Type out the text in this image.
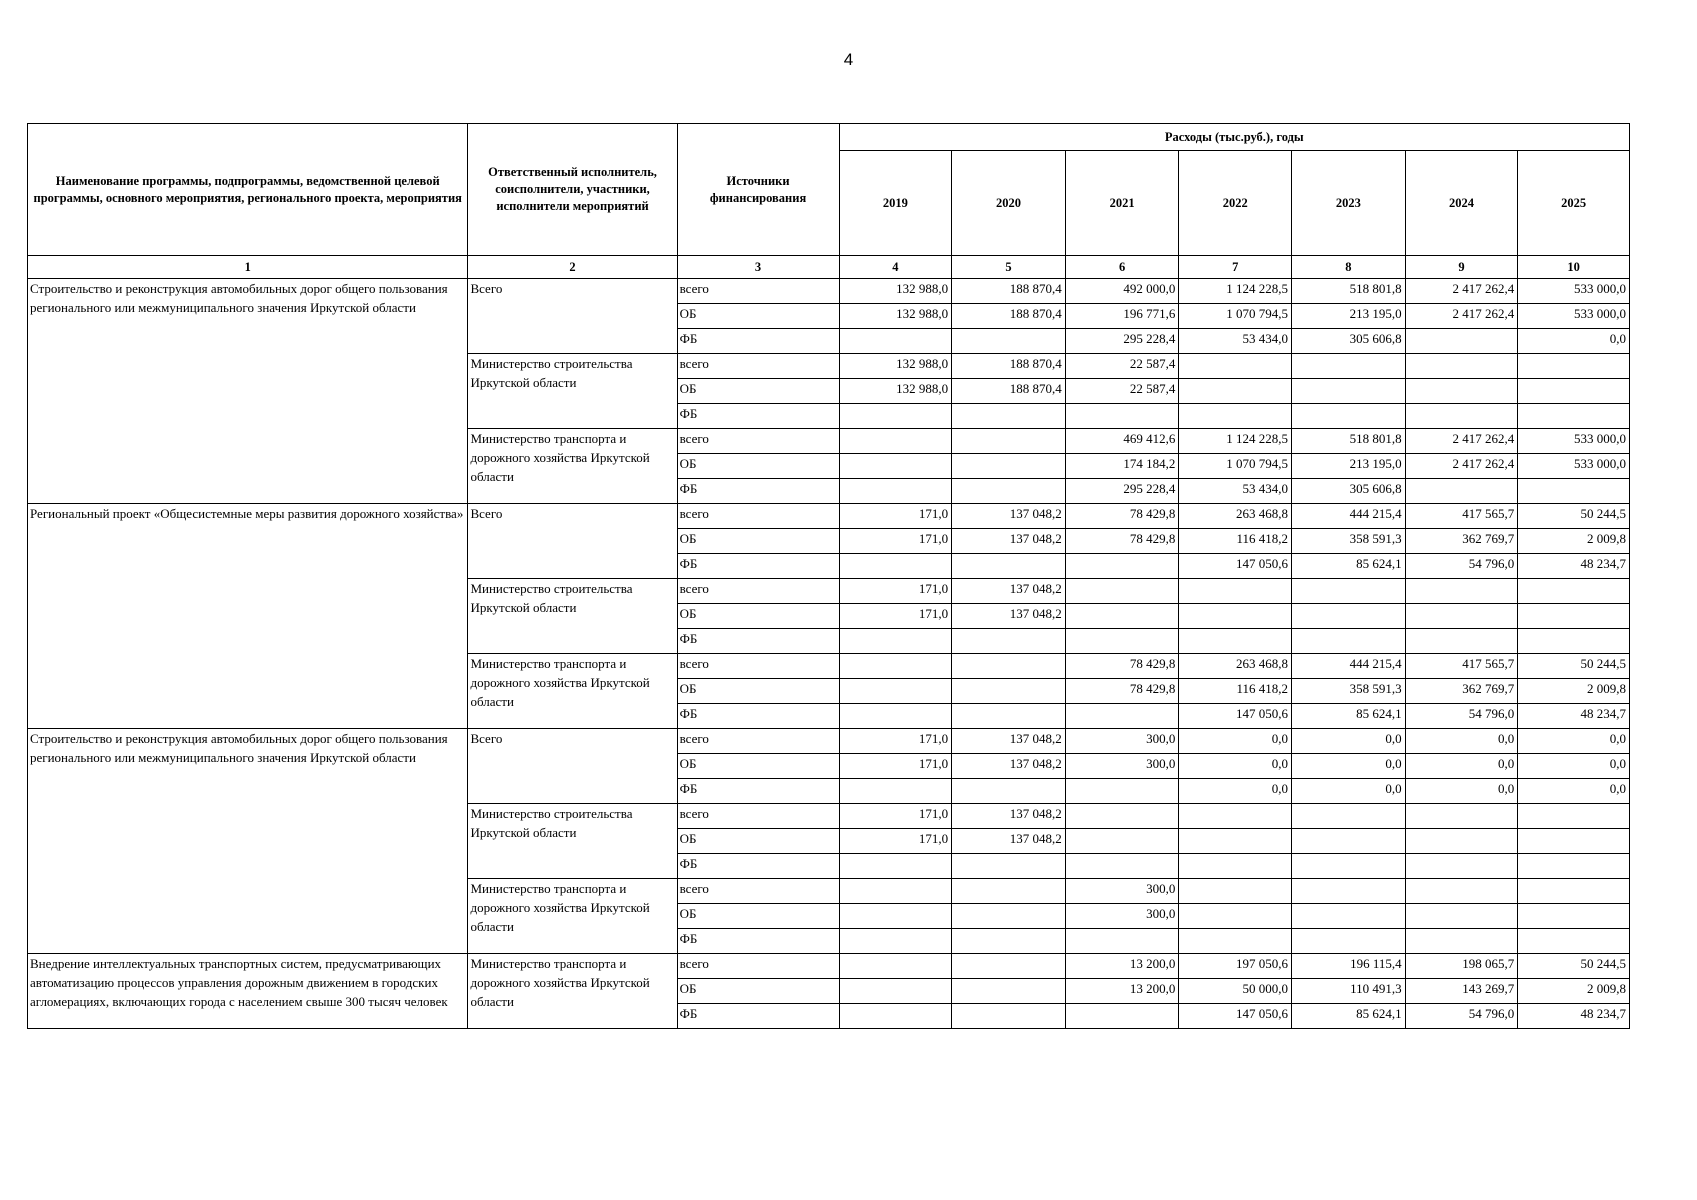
4
Наименование программы, подпрограммы, ведомственной целевой программы, основного мероприятия, регионального проекта, мероприятия	Ответственный исполнитель, соисполнители, участники, исполнители мероприятий	Источники финансирования	Расходы (тыс.руб.), годы						
			2019	2020	2021	2022	2023	2024	2025
1	2	3	4	5	6	7	8	9	10
Строительство и реконструкция автомобильных дорог общего пользования регионального или межмуниципального значения Иркутской области	Всего	всего	132 988,0	188 870,4	492 000,0	1 124 228,5	518 801,8	2 417 262,4	533 000,0
		ОБ	132 988,0	188 870,4	196 771,6	1 070 794,5	213 195,0	2 417 262,4	533 000,0
		ФБ			295 228,4	53 434,0	305 606,8		0,0
	Министерство строительства Иркутской области	всего	132 988,0	188 870,4	22 587,4				
		ОБ	132 988,0	188 870,4	22 587,4				
		ФБ							
	Министерство транспорта и дорожного хозяйства Иркутской области	всего			469 412,6	1 124 228,5	518 801,8	2 417 262,4	533 000,0
		ОБ			174 184,2	1 070 794,5	213 195,0	2 417 262,4	533 000,0
		ФБ			295 228,4	53 434,0	305 606,8		
Региональный проект «Общесистемные меры развития дорожного хозяйства»	Всего	всего	171,0	137 048,2	78 429,8	263 468,8	444 215,4	417 565,7	50 244,5
		ОБ	171,0	137 048,2	78 429,8	116 418,2	358 591,3	362 769,7	2 009,8
		ФБ				147 050,6	85 624,1	54 796,0	48 234,7
	Министерство строительства Иркутской области	всего	171,0	137 048,2					
		ОБ	171,0	137 048,2					
		ФБ							
	Министерство транспорта и дорожного хозяйства Иркутской области	всего			78 429,8	263 468,8	444 215,4	417 565,7	50 244,5
		ОБ			78 429,8	116 418,2	358 591,3	362 769,7	2 009,8
		ФБ				147 050,6	85 624,1	54 796,0	48 234,7
Строительство и реконструкция автомобильных дорог общего пользования регионального или межмуниципального значения Иркутской области	Всего	всего	171,0	137 048,2	300,0	0,0	0,0	0,0	0,0
		ОБ	171,0	137 048,2	300,0	0,0	0,0	0,0	0,0
		ФБ				0,0	0,0	0,0	0,0
	Министерство строительства Иркутской области	всего	171,0	137 048,2					
		ОБ	171,0	137 048,2					
		ФБ							
	Министерство транспорта и дорожного хозяйства Иркутской области	всего			300,0				
		ОБ			300,0				
		ФБ							
Внедрение интеллектуальных транспортных систем, предусматривающих автоматизацию процессов управления дорожным движением в городских агломерациях, включающих города с населением свыше 300 тысяч человек	Министерство транспорта и дорожного хозяйства Иркутской области	всего			13 200,0	197 050,6	196 115,4	198 065,7	50 244,5
		ОБ			13 200,0	50 000,0	110 491,3	143 269,7	2 009,8
		ФБ				147 050,6	85 624,1	54 796,0	48 234,7
